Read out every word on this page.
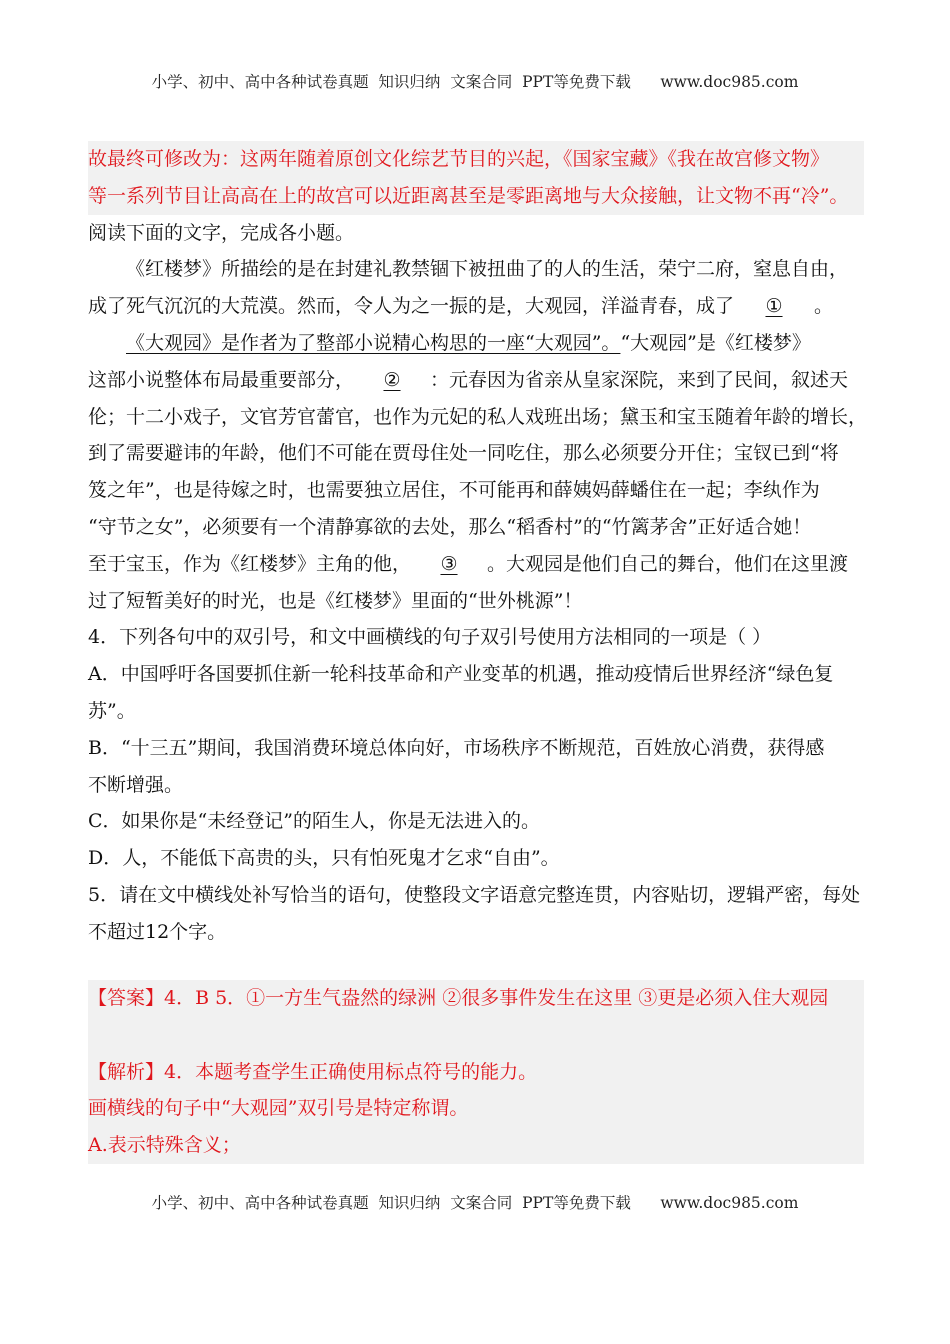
小学、初中、高中各种试卷真题  知识归纳  文案合同  PPT等免费下载      www.doc985.com
故最终可修改为：这两年随着原创文化综艺节目的兴起，《国家宝藏》《我在故宫修文物》
等一系列节目让高高在上的故宫可以近距离甚至是零距离地与大众接触，让文物不再“冷”。
阅读下面的文字，完成各小题。
《红楼梦》所描绘的是在封建礼教禁锢下被扭曲了的人的生活，荣宁二府，窒息自由，
成了死气沉沉的大荒漠。然而，令人为之一振的是，大观园，洋溢青春，成了 ① 。
《大观园》是作者为了整部小说精心构思的一座“大观园”。“大观园”是《红楼梦》
这部小说整体布局最重要部分， ② ：元春因为省亲从皇家深院，来到了民间，叙述天
伦；十二小戏子，文官芳官蕾官，也作为元妃的私人戏班出场；黛玉和宝玉随着年龄的增长，
到了需要避讳的年龄，他们不可能在贾母住处一同吃住，那么必须要分开住；宝钗已到“将
笈之年”，也是待嫁之时，也需要独立居住，不可能再和薛姨妈薛蟠住在一起；李纨作为
“守节之女”，必须要有一个清静寡欲的去处，那么“稻香村”的“竹篱茅舍”正好适合她！
至于宝玉，作为《红楼梦》主角的他， ③ 。大观园是他们自己的舞台，他们在这里渡
过了短暂美好的时光，也是《红楼梦》里面的“世外桃源”！
4．下列各句中的双引号，和文中画横线的句子双引号使用方法相同的一项是（ ）
A．中国呼吁各国要抓住新一轮科技革命和产业变革的机遇，推动疫情后世界经济“绿色复
苏”。
B．“十三五”期间，我国消费环境总体向好，市场秩序不断规范，百姓放心消费，获得感
不断增强。
C．如果你是“未经登记”的陌生人，你是无法进入的。
D．人，不能低下高贵的头，只有怕死鬼才乞求“自由”。
5．请在文中横线处补写恰当的语句，使整段文字语意完整连贯，内容贴切，逻辑严密，每处
不超过12个字。
【答案】4．B 5．①一方生气盎然的绿洲 ②很多事件发生在这里 ③更是必须入住大观园
【解析】4．本题考查学生正确使用标点符号的能力。
画横线的句子中“大观园”双引号是特定称谓。
A.表示特殊含义；
小学、初中、高中各种试卷真题  知识归纳  文案合同  PPT等免费下载      www.doc985.com
